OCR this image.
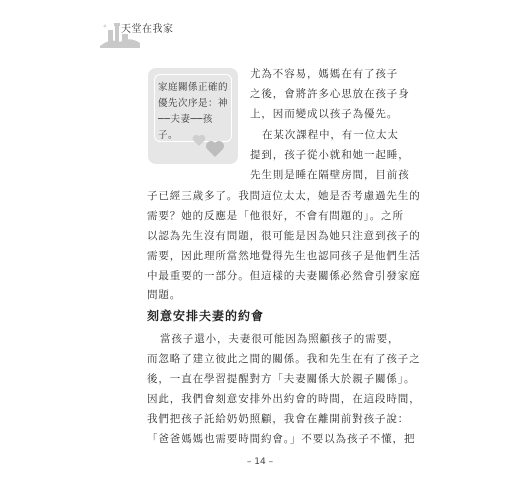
天堂在我家
家庭關係正確的優先次序是：神──夫妻──孩子。
尤為不容易，媽媽在有了孩子
之後，會將許多心思放在孩子身
上，因而變成以孩子為優先。
在某次課程中，有一位太太
提到，孩子從小就和她一起睡，
先生則是睡在隔壁房間，目前孩
子已經三歲多了。我問這位太太，她是否考慮過先生的
需要？她的反應是「他很好，不會有問題的」。之所
以認為先生沒有問題，很可能是因為她只注意到孩子的
需要，因此理所當然地覺得先生也認同孩子是他們生活
中最重要的一部分。但這樣的夫妻關係必然會引發家庭
問題。
刻意安排夫妻的約會
當孩子還小，夫妻很可能因為照顧孩子的需要，
而忽略了建立彼此之間的關係。我和先生在有了孩子之
後，一直在學習提醒對方「夫妻關係大於親子關係」。
因此，我們會刻意安排外出約會的時間，在這段時間，
我們把孩子託給奶奶照顧，我會在離開前對孩子說：
「爸爸媽媽也需要時間約會。」不要以為孩子不懂，把
– 14 –
